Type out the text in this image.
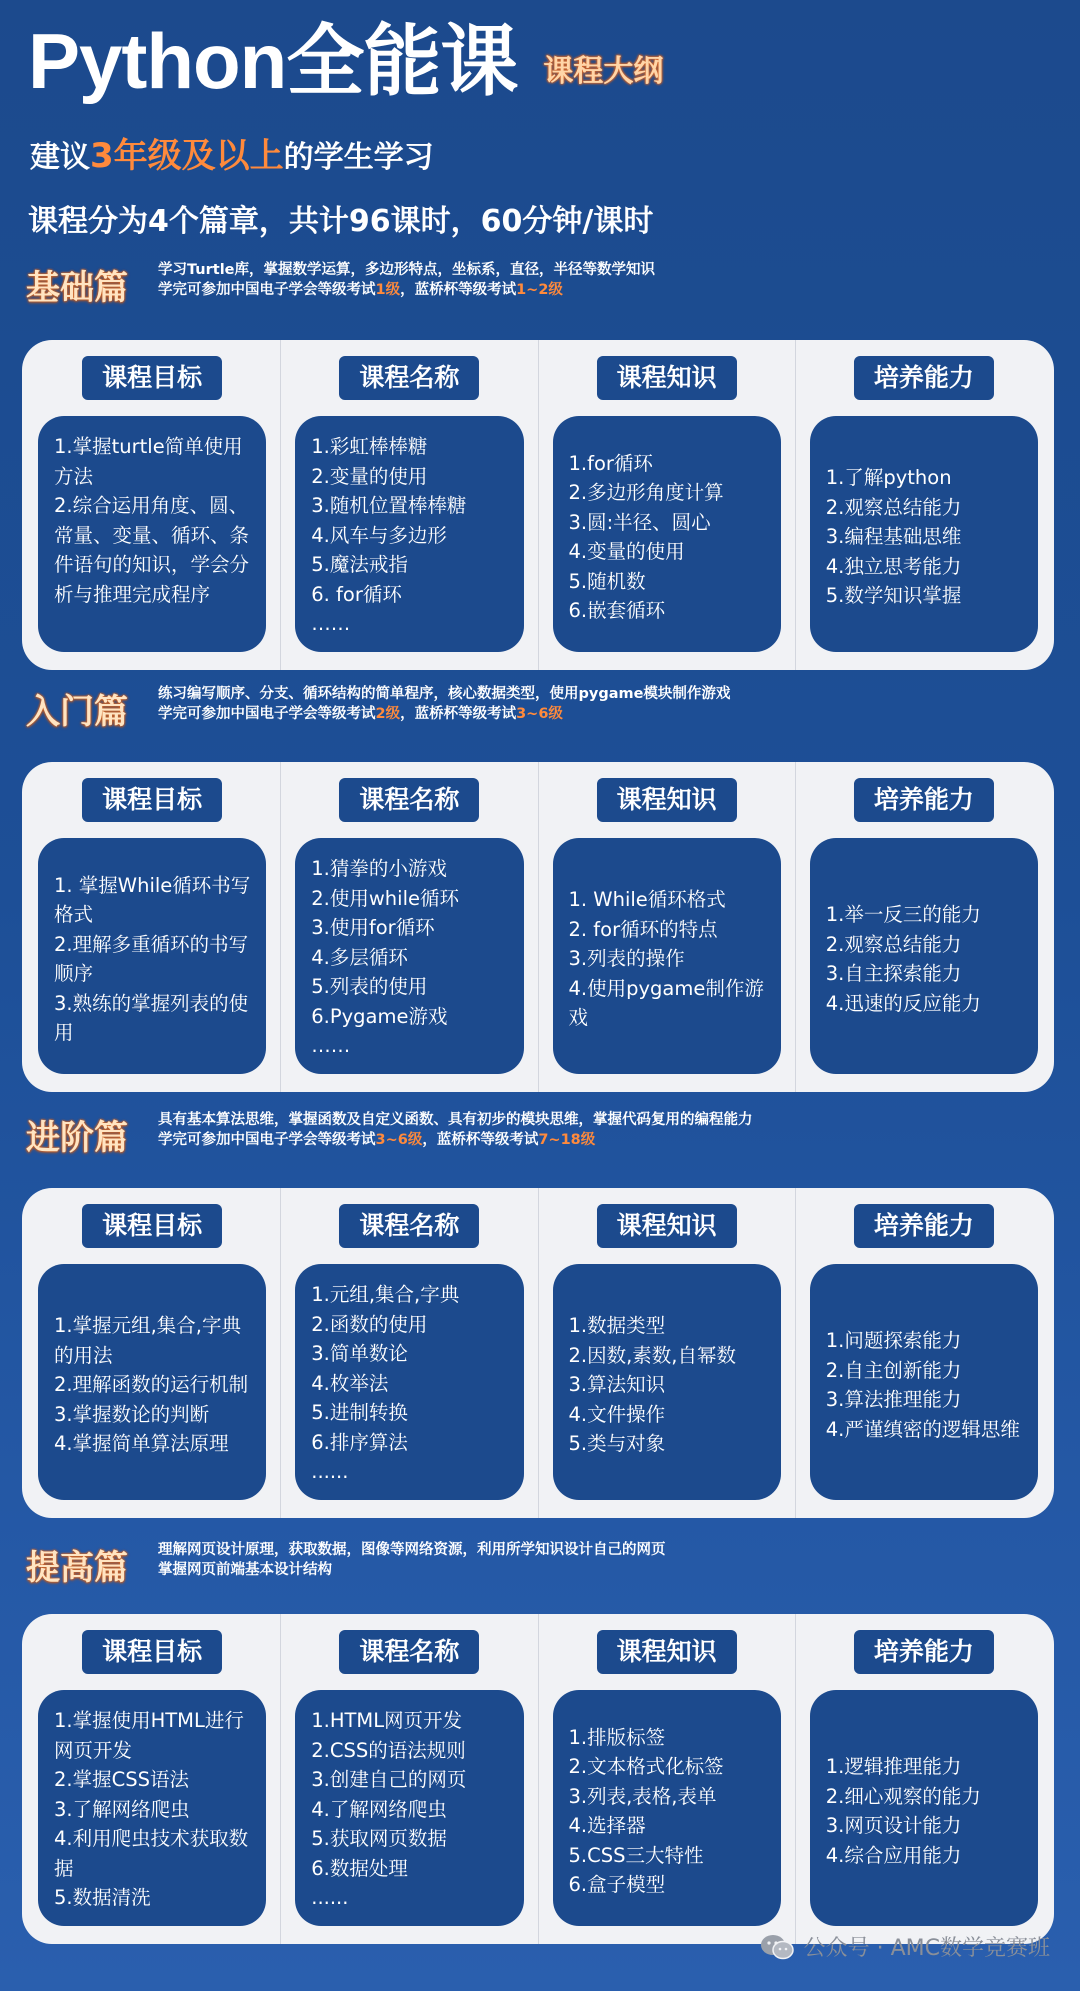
Python全能课 课程大纲
建议3年级及以上的学生学习
课程分为4个篇章，共计96课时，60分钟/课时
基础篇 学习Turtle库，掌握数学运算，多边形特点，坐标系，直径，半径等数学知识
学完可参加中国电子学会等级考试1级，蓝桥杯等级考试1~2级
课程目标
1.掌握turtle简单使用方法
2.综合运用角度、圆、常量、变量、循环、条件语句的知识，学会分析与推理完成程序
课程名称
1.彩虹棒棒糖
2.变量的使用
3.随机位置棒棒糖
4.风车与多边形
5.魔法戒指
6. for循环
……
课程知识
1.for循环
2.多边形角度计算
3.圆:半径、圆心
4.变量的使用
5.随机数
6.嵌套循环
培养能力
1.了解python
2.观察总结能力
3.编程基础思维
4.独立思考能力
5.数学知识掌握
入门篇 练习编写顺序、分支、循环结构的简单程序，核心数据类型，使用pygame模块制作游戏
学完可参加中国电子学会等级考试2级，蓝桥杯等级考试3~6级
课程目标
1. 掌握While循环书写格式
2.理解多重循环的书写顺序
3.熟练的掌握列表的使用
课程名称
1.猜拳的小游戏
2.使用while循环
3.使用for循环
4.多层循环
5.列表的使用
6.Pygame游戏
……
课程知识
1. While循环格式
2. for循环的特点
3.列表的操作
4.使用pygame制作游戏
培养能力
1.举一反三的能力
2.观察总结能力
3.自主探索能力
4.迅速的反应能力
进阶篇 具有基本算法思维，掌握函数及自定义函数、具有初步的模块思维，掌握代码复用的编程能力
学完可参加中国电子学会等级考试3~6级，蓝桥杯等级考试7~18级
课程目标
1.掌握元组,集合,字典的用法
2.理解函数的运行机制
3.掌握数论的判断
4.掌握简单算法原理
课程名称
1.元组,集合,字典
2.函数的使用
3.简单数论
4.枚举法
5.进制转换
6.排序算法
......
课程知识
1.数据类型
2.因数,素数,自幂数
3.算法知识
4.文件操作
5.类与对象
培养能力
1.问题探索能力
2.自主创新能力
3.算法推理能力
4.严谨缜密的逻辑思维
提高篇 理解网页设计原理，获取数据，图像等网络资源，利用所学知识设计自己的网页
掌握网页前端基本设计结构
课程目标
1.掌握使用HTML进行网页开发
2.掌握CSS语法
3.了解网络爬虫
4.利用爬虫技术获取数据
5.数据清洗
课程名称
1.HTML网页开发
2.CSS的语法规则
3.创建自己的网页
4.了解网络爬虫
5.获取网页数据
6.数据处理
......
课程知识
1.排版标签
2.文本格式化标签
3.列表,表格,表单
4.选择器
5.CSS三大特性
6.盒子模型
培养能力
1.逻辑推理能力
2.细心观察的能力
3.网页设计能力
4.综合应用能力
公众号 · AMC数学竞赛班
